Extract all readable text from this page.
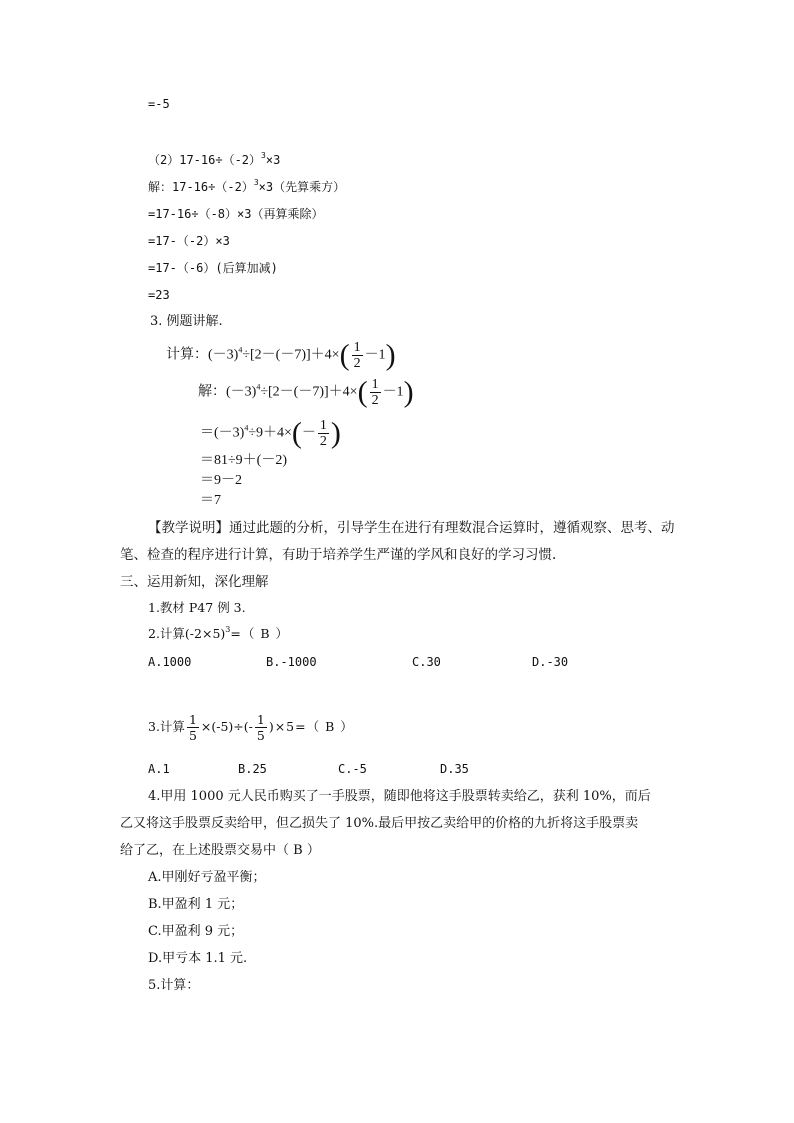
=-5
$(2)17-16\div(-2)^3\times 3$
解：$17-16\div(-2)^3\times 3$（先算乘方）
=17-16÷（-8）×3（再算乘除）
=17-（-2）×3
=17-（-6）(后算加减)
=23
3. 例题讲解.
计算：$(-3)^4\div[2-(-7)]+4\times( \frac{1}{2} -1)$
解：$(-3)^4\div[2-(-7)]+4\times( \frac{1}{2} -1)$
$=(-3)^4\div 9+4\times(- \frac{1}{2}$ )
＝81÷9＋(－2)
＝9－2
＝7
【教学说明】通过此题的分析，引导学生在进行有理数混合运算时，遵循观察、思考、动
笔、检查的程序进行计算，有助于培养学生严谨的学风和良好的学习习惯.
三、运用新知，深化理解
1.教材 P47 例 3.
2.计算$(-2\times 5)^3=$（ B ）
A.1000	B.-1000	C.30	D.-30
3.计算 $\frac{1}{5} \times(-5)\div(- \frac{1}{5} )\times 5=$（ B ）
A.1	B.25	C.-5	D.35
4.甲用 1000 元人民币购买了一手股票，随即他将这手股票转卖给乙，获利 10%，而后
乙又将这手股票反卖给甲，但乙损失了 10%.最后甲按乙卖给甲的价格的九折将这手股票卖
给了乙，在上述股票交易中（ B ）
A.甲刚好亏盈平衡；
B.甲盈利 1 元；
C.甲盈利 9 元；
D.甲亏本 1.1 元.
5.计算：
